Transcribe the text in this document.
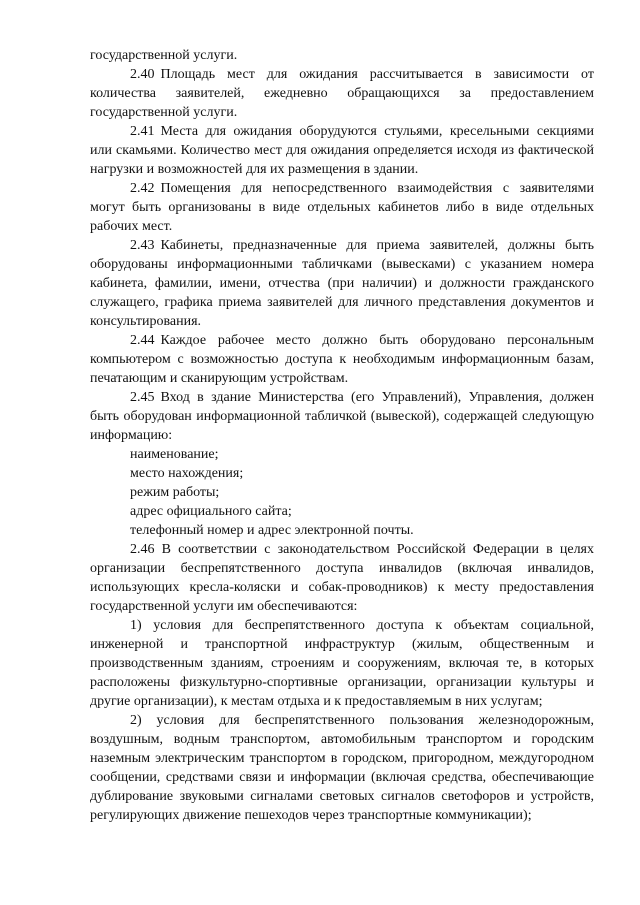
государственной услуги.

2.40 Площадь мест для ожидания рассчитывается в зависимости от количества заявителей, ежедневно обращающихся за предоставлением государственной услуги.

2.41 Места для ожидания оборудуются стульями, кресельными секциями или скамьями. Количество мест для ожидания определяется исходя из фактической нагрузки и возможностей для их размещения в здании.

2.42 Помещения для непосредственного взаимодействия с заявителями могут быть организованы в виде отдельных кабинетов либо в виде отдельных рабочих мест.

2.43 Кабинеты, предназначенные для приема заявителей, должны быть оборудованы информационными табличками (вывесками) с указанием номера кабинета, фамилии, имени, отчества (при наличии) и должности гражданского служащего, графика приема заявителей для личного представления документов и консультирования.

2.44 Каждое рабочее место должно быть оборудовано персональным компьютером с возможностью доступа к необходимым информационным базам, печатающим и сканирующим устройствам.

2.45 Вход в здание Министерства (его Управлений), Управления, должен быть оборудован информационной табличкой (вывеской), содержащей следующую информацию:

наименование;

место нахождения;

режим работы;

адрес официального сайта;

телефонный номер и адрес электронной почты.

2.46 В соответствии с законодательством Российской Федерации в целях организации беспрепятственного доступа инвалидов (включая инвалидов, использующих кресла-коляски и собак-проводников) к месту предоставления государственной услуги им обеспечиваются:

1) условия для беспрепятственного доступа к объектам социальной, инженерной и транспортной инфраструктур (жилым, общественным и производственным зданиям, строениям и сооружениям, включая те, в которых расположены физкультурно-спортивные организации, организации культуры и другие организации), к местам отдыха и к предоставляемым в них услугам;

2) условия для беспрепятственного пользования железнодорожным, воздушным, водным транспортом, автомобильным транспортом и городским наземным электрическим транспортом в городском, пригородном, междугородном сообщении, средствами связи и информации (включая средства, обеспечивающие дублирование звуковыми сигналами световых сигналов светофоров и устройств, регулирующих движение пешеходов через транспортные коммуникации);
